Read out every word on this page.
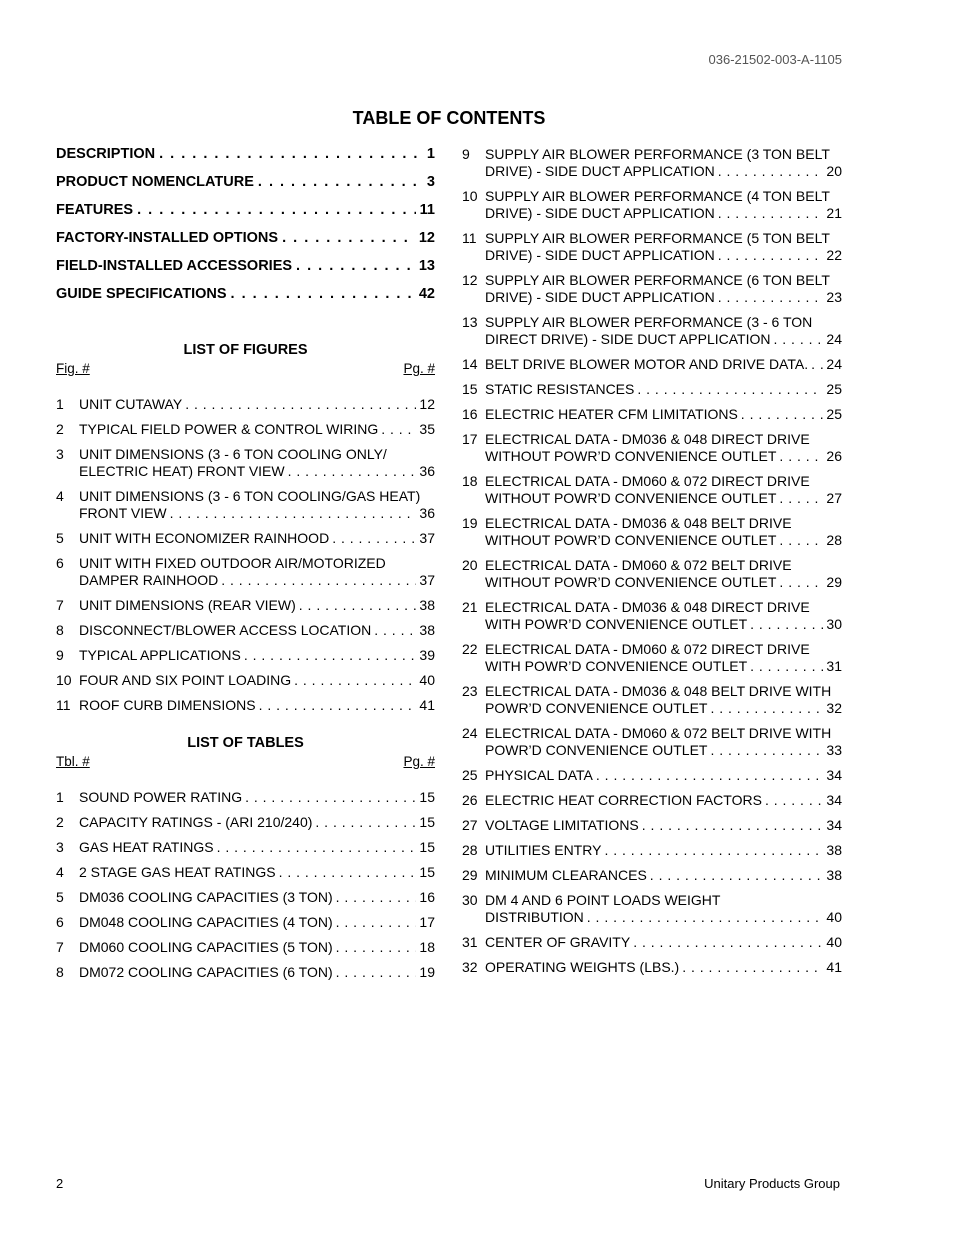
036-21502-003-A-1105
TABLE OF CONTENTS
DESCRIPTION . . .	1
PRODUCT NOMENCLATURE . . .	3
FEATURES . . .	11
FACTORY-INSTALLED OPTIONS . . .	12
FIELD-INSTALLED ACCESSORIES . . .	13
GUIDE SPECIFICATIONS . . .	42
LIST OF FIGURES
Fig. #	Pg. #
1	UNIT CUTAWAY . . .	12
2	TYPICAL FIELD POWER & CONTROL WIRING . . .	35
3	UNIT DIMENSIONS (3 - 6 TON COOLING ONLY/
ELECTRIC HEAT) FRONT VIEW . . .	36
4	UNIT DIMENSIONS (3 - 6 TON COOLING/GAS HEAT)
FRONT VIEW . . .	36
5	UNIT WITH ECONOMIZER RAINHOOD . . .	37
6	UNIT WITH FIXED OUTDOOR AIR/MOTORIZED
DAMPER RAINHOOD . . .	37
7	UNIT DIMENSIONS (REAR VIEW) . . .	38
8	DISCONNECT/BLOWER ACCESS LOCATION . . .	38
9	TYPICAL APPLICATIONS . . .	39
10 FOUR AND SIX POINT LOADING . . .	40
11 ROOF CURB DIMENSIONS . . .	41
LIST OF TABLES
Tbl. #	Pg. #
1	SOUND POWER RATING . . .	15
2	CAPACITY RATINGS - (ARI 210/240) . . .	15
3	GAS HEAT RATINGS . . .	15
4	2 STAGE GAS HEAT RATINGS . . .	15
5	DM036 COOLING CAPACITIES (3 TON) . . .	16
6	DM048 COOLING CAPACITIES (4 TON) . . .	17
7	DM060 COOLING CAPACITIES (5 TON) . . .	18
8	DM072 COOLING CAPACITIES (6 TON) . . .	19
9	SUPPLY AIR BLOWER PERFORMANCE (3 TON BELT
DRIVE) - SIDE DUCT APPLICATION . . .	20
10 SUPPLY AIR BLOWER PERFORMANCE (4 TON BELT
DRIVE) - SIDE DUCT APPLICATION . . .	21
11 SUPPLY AIR BLOWER PERFORMANCE (5 TON BELT
DRIVE) - SIDE DUCT APPLICATION . . .	22
12 SUPPLY AIR BLOWER PERFORMANCE (6 TON BELT
DRIVE) - SIDE DUCT APPLICATION . . .	23
13 SUPPLY AIR BLOWER PERFORMANCE (3 - 6 TON
DIRECT DRIVE) - SIDE DUCT APPLICATION . . .	24
14 BELT DRIVE BLOWER MOTOR AND DRIVE DATA. . . . 24
15 STATIC RESISTANCES . . .	25
16 ELECTRIC HEATER CFM LIMITATIONS . . .	25
17 ELECTRICAL DATA - DM036 & 048 DIRECT DRIVE
WITHOUT POWR’D CONVENIENCE OUTLET . . .	26
18 ELECTRICAL DATA - DM060 & 072 DIRECT DRIVE
WITHOUT POWR’D CONVENIENCE OUTLET . . .	27
19 ELECTRICAL DATA - DM036 & 048 BELT DRIVE
WITHOUT POWR’D CONVENIENCE OUTLET . . .	28
20 ELECTRICAL DATA - DM060 & 072 BELT DRIVE
WITHOUT POWR’D CONVENIENCE OUTLET . . .	29
21 ELECTRICAL DATA - DM036 & 048 DIRECT DRIVE
WITH POWR’D CONVENIENCE OUTLET . . .	30
22 ELECTRICAL DATA - DM060 & 072 DIRECT DRIVE
WITH POWR’D CONVENIENCE OUTLET . . .	31
23 ELECTRICAL DATA - DM036 & 048 BELT DRIVE WITH
POWR’D CONVENIENCE OUTLET . . .	32
24 ELECTRICAL DATA - DM060 & 072 BELT DRIVE WITH
POWR’D CONVENIENCE OUTLET . . .	33
25 PHYSICAL DATA . . .	34
26 ELECTRIC HEAT CORRECTION FACTORS . . .	34
27 VOLTAGE LIMITATIONS . . .	34
28 UTILITIES ENTRY . . .	38
29 MINIMUM CLEARANCES . . .	38
30 DM 4 AND 6 POINT LOADS WEIGHT
DISTRIBUTION . . .	40
31 CENTER OF GRAVITY . . .	40
32 OPERATING WEIGHTS (LBS.) . . .	41
2	Unitary Products Group
